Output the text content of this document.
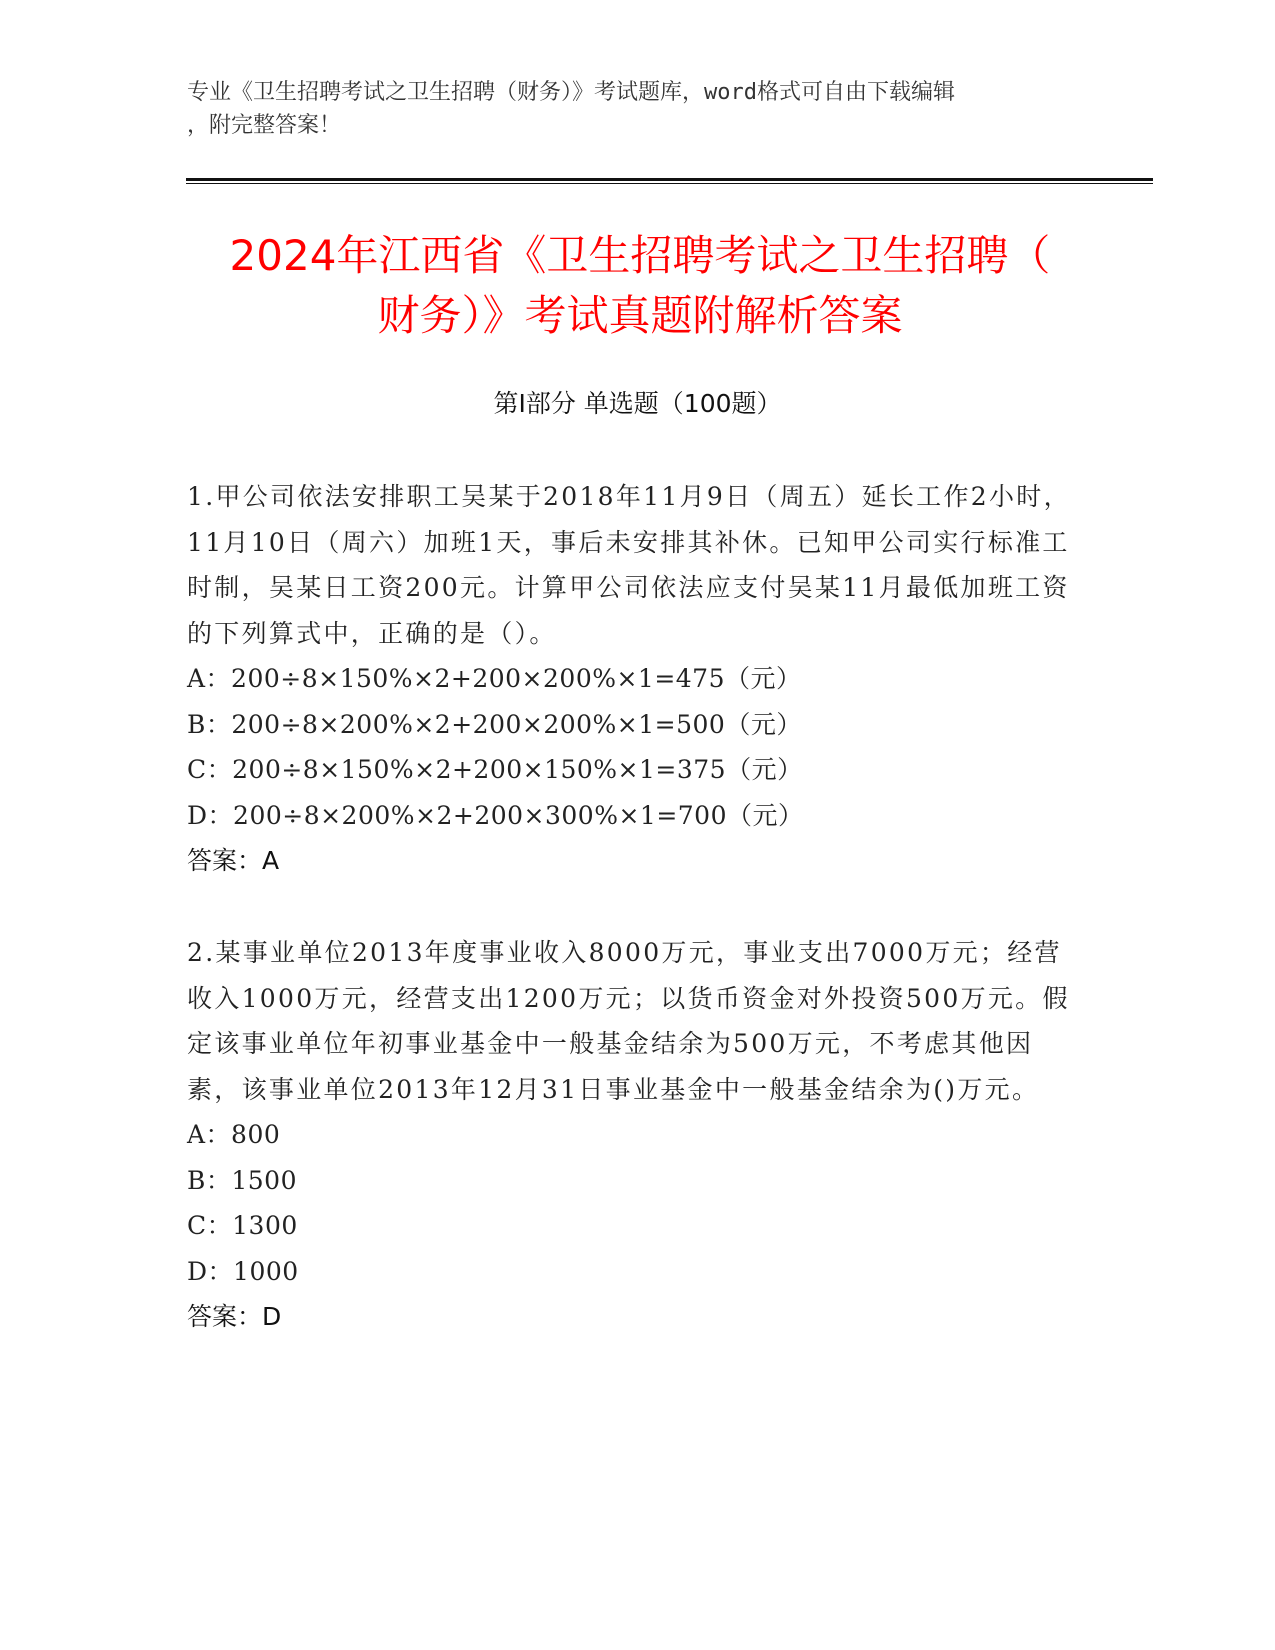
专业《卫生招聘考试之卫生招聘（财务）》考试题库，word格式可自由下载编辑
，附完整答案！
2024年江西省《卫生招聘考试之卫生招聘（
财务）》考试真题附解析答案
第Ⅰ部分 单选题（100题）

1.甲公司依法安排职工吴某于2018年11月9日（周五）延长工作2小时，11月10日（周六）加班1天，事后未安排其补休。已知甲公司实行标准工时制，吴某日工资200元。计算甲公司依法应支付吴某11月最低加班工资的下列算式中，正确的是（）。

A：200÷8×150%×2+200×200%×1=475（元）

B：200÷8×200%×2+200×200%×1=500（元）

C：200÷8×150%×2+200×150%×1=375（元）

D：200÷8×200%×2+200×300%×1=700（元）

答案：A

2.某事业单位2013年度事业收入8000万元，事业支出7000万元；经营收入1000万元，经营支出1200万元；以货币资金对外投资500万元。假定该事业单位年初事业基金中一般基金结余为500万元，不考虑其他因素，该事业单位2013年12月31日事业基金中一般基金结余为()万元。

A：800

B：1500

C：1300

D：1000

答案：D
